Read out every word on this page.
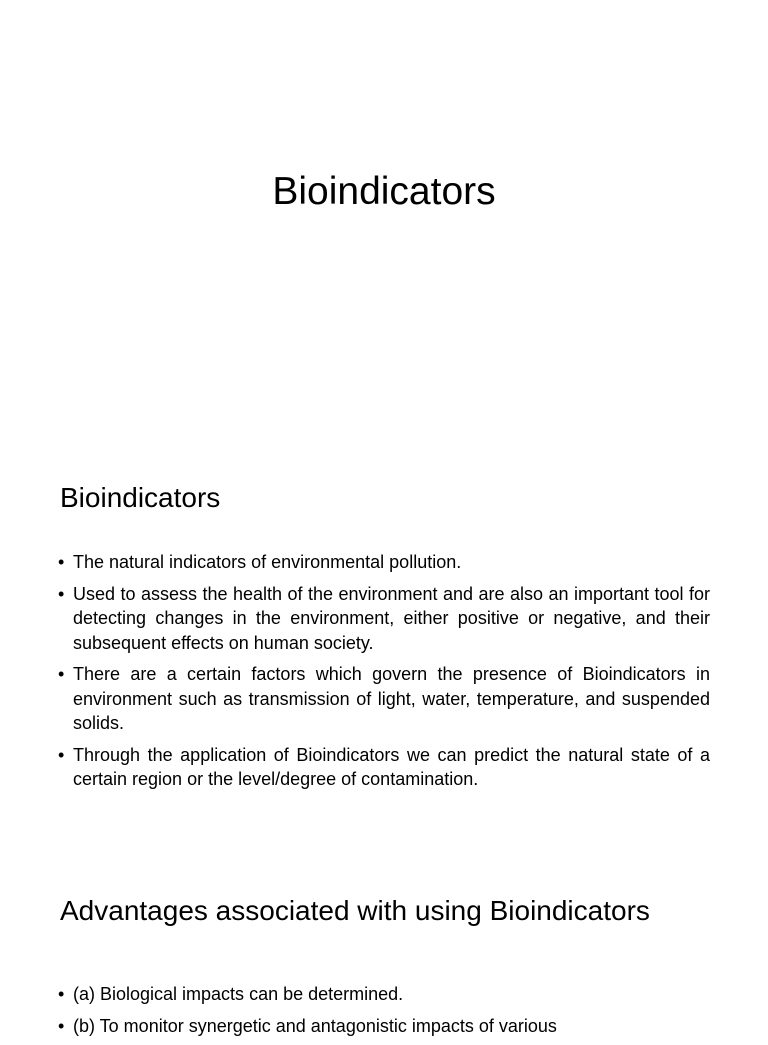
Bioindicators
Bioindicators
• The natural indicators of environmental pollution.
• Used to assess the health of the environment and are also an important tool for detecting changes in the environment, either positive or negative, and their subsequent effects on human society.
• There are a certain factors which govern the presence of Bioindicators in environment such as transmission of light, water, temperature, and suspended solids.
• Through the application of Bioindicators we can predict the natural state of a certain region or the level/degree of contamination.
Advantages associated with using Bioindicators
• (a) Biological impacts can be determined.
• (b) To monitor synergetic and antagonistic impacts of various
